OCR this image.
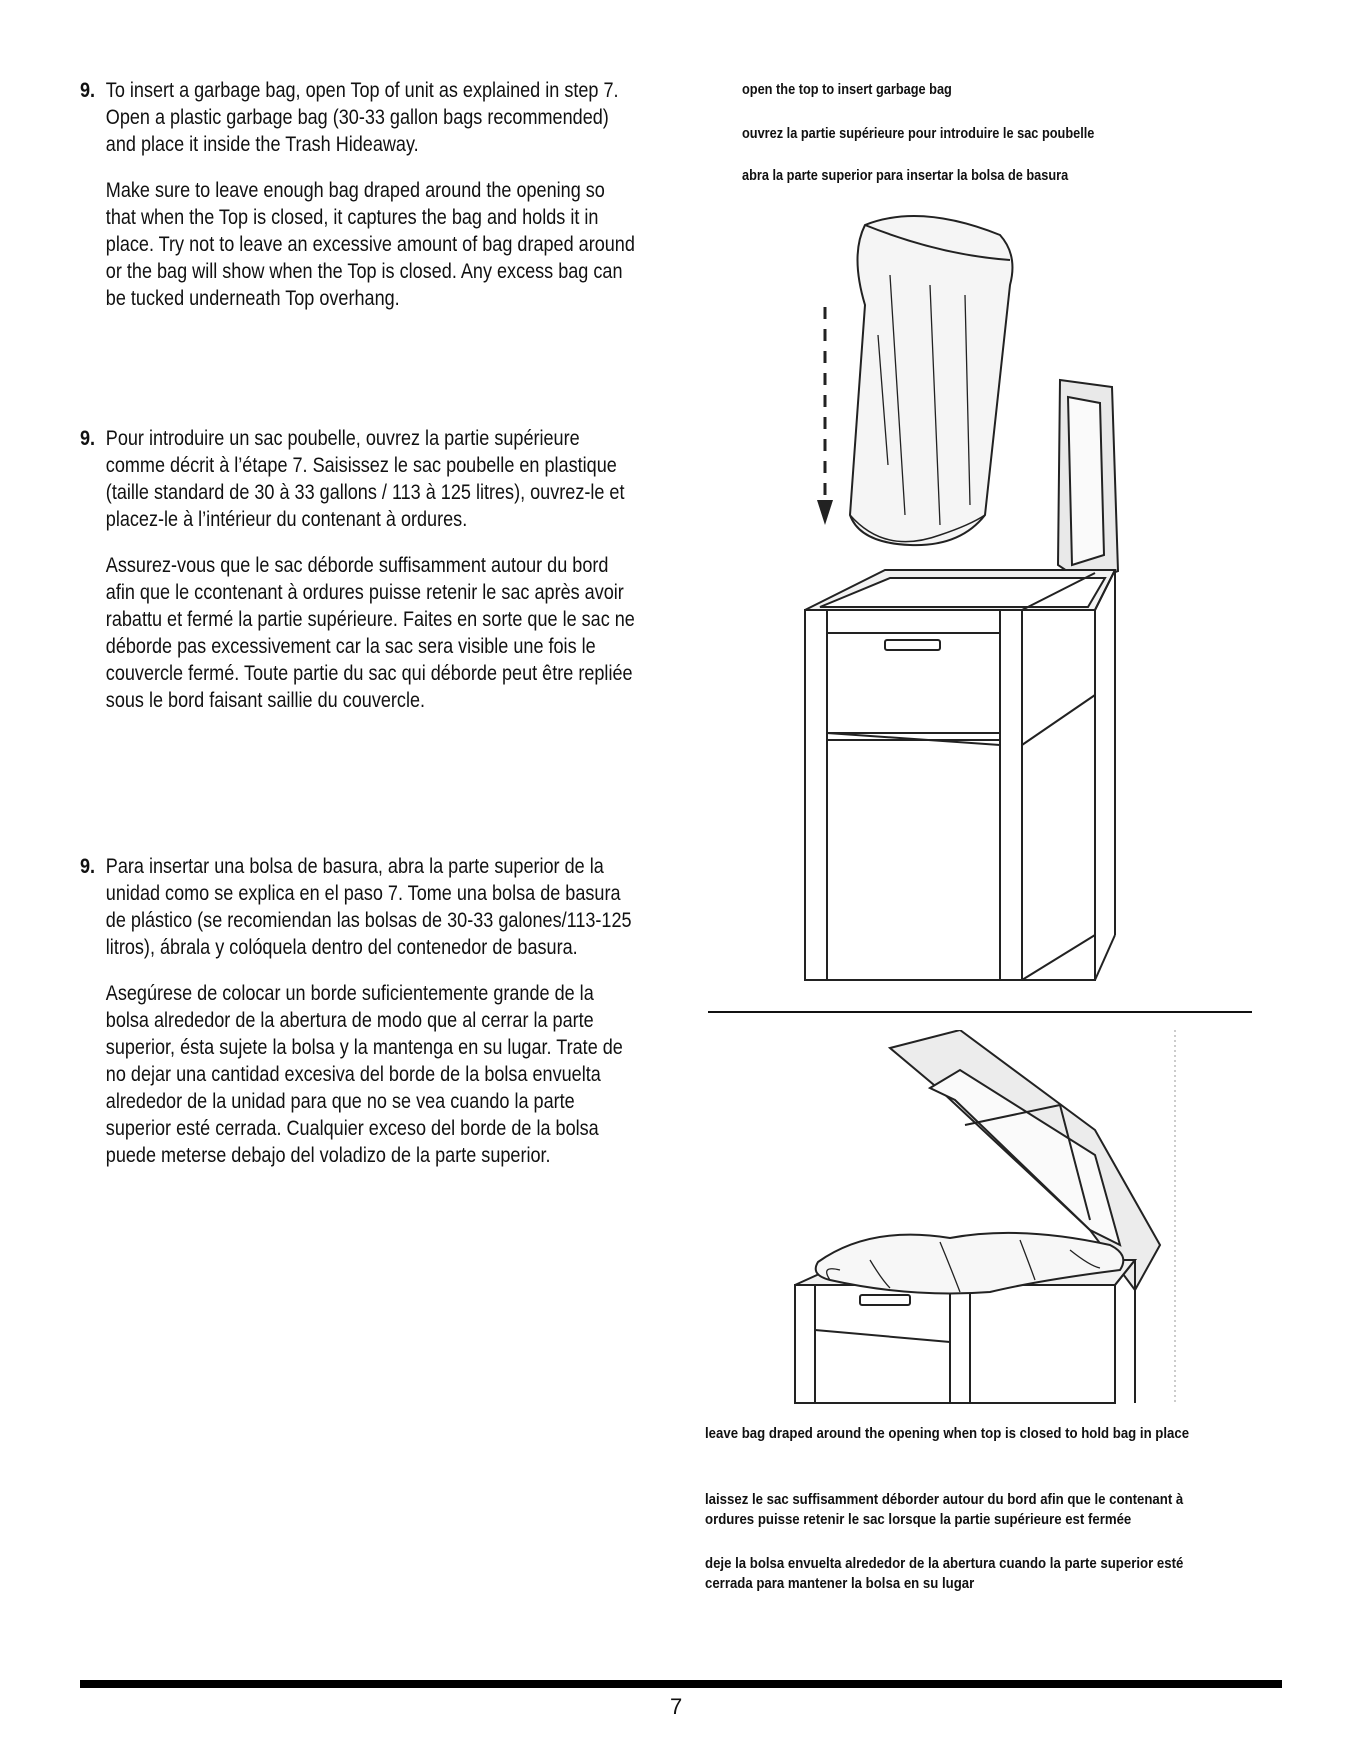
9. To insert a garbage bag, open Top of unit as explained in step 7. Open a plastic garbage bag (30-33 gallon bags recommended) and place it inside the Trash Hideaway.

Make sure to leave enough bag draped around the opening so that when the Top is closed, it captures the bag and holds it in place. Try not to leave an excessive amount of bag draped around or the bag will show when the Top is closed. Any excess bag can be tucked underneath Top overhang.

9. Pour introduire un sac poubelle, ouvrez la partie supérieure comme décrit à l’étape 7. Saisissez le sac poubelle en plastique (taille standard de 30 à 33 gallons / 113 à 125 litres), ouvrez-le et placez-le à l’intérieur du contenant à ordures.

Assurez-vous que le sac déborde suffisamment autour du bord afin que le ccontenant à ordures puisse retenir le sac après avoir rabattu et fermé la partie supérieure. Faites en sorte que le sac ne déborde pas excessivement car la sac sera visible une fois le couvercle fermé. Toute partie du sac qui déborde peut être repliée sous le bord faisant saillie du couvercle.

9. Para insertar una bolsa de basura, abra la parte superior de la unidad como se explica en el paso 7. Tome una bolsa de basura de plástico (se recomiendan las bolsas de 30-33 galones/113-125 litros), ábrala y colóquela dentro del contenedor de basura.

Asegúrese de colocar un borde suficientemente grande de la bolsa alrededor de la abertura de modo que al cerrar la parte superior, ésta sujete la bolsa y la mantenga en su lugar. Trate de no dejar una cantidad excesiva del borde de la bolsa envuelta alrededor de la unidad para que no se vea cuando la parte superior esté cerrada. Cualquier exceso del borde de la bolsa puede meterse debajo del voladizo de la parte superior.

open the top to insert garbage bag
ouvrez la partie supérieure pour introduire le sac poubelle
abra la parte superior para insertar la bolsa de basura
leave bag draped around the opening when top is closed to hold bag in place
laissez le sac suffisamment déborder autour du bord afin que le contenant à ordures puisse retenir le sac lorsque la partie supérieure est fermée
deje la bolsa envuelta alrededor de la abertura cuando la parte superior esté cerrada para mantener la bolsa en su lugar
7
